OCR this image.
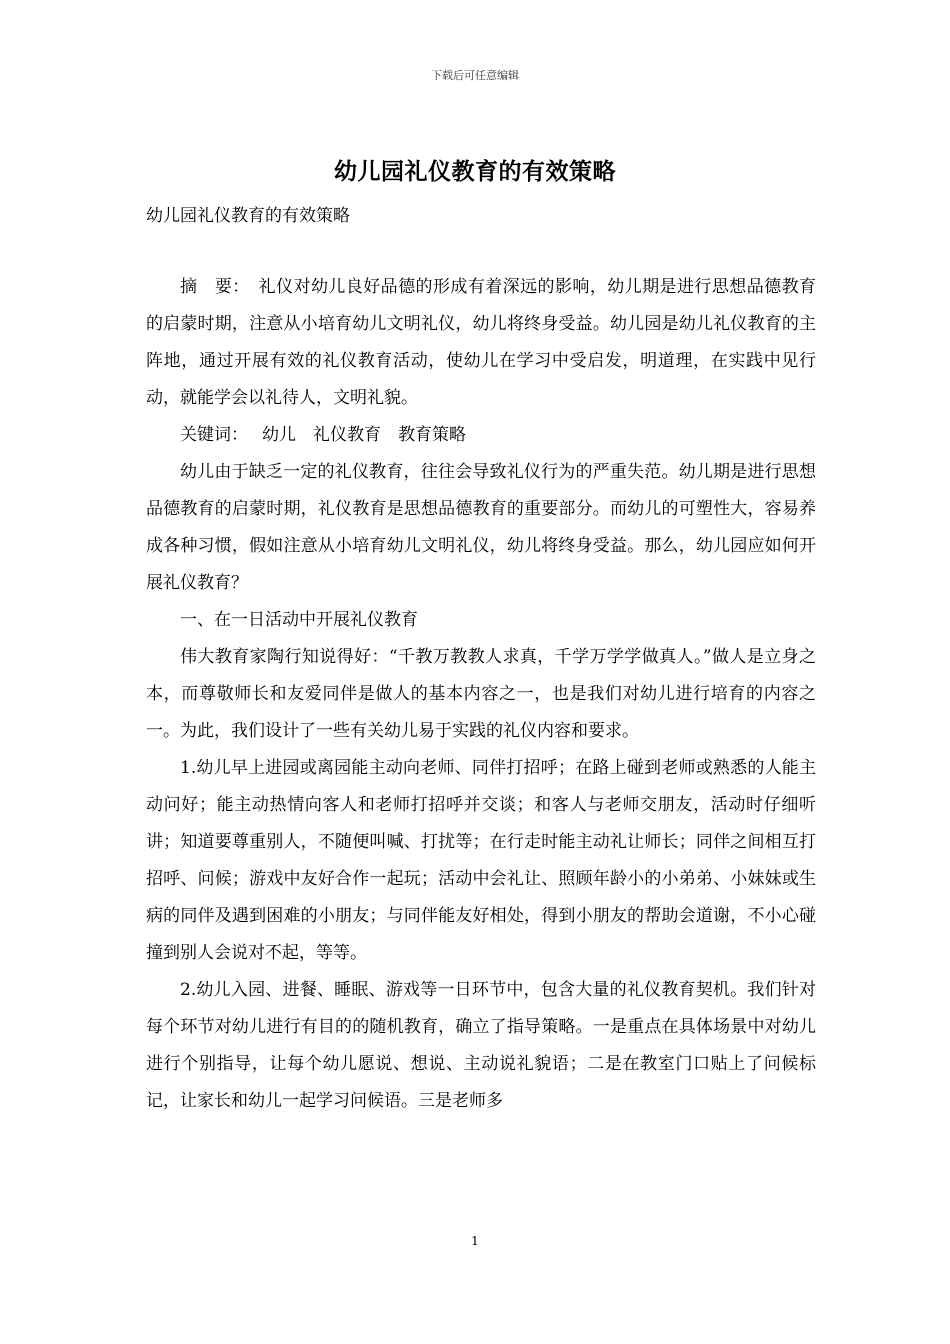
下载后可任意编辑
幼儿园礼仪教育的有效策略
幼儿园礼仪教育的有效策略

摘　要：　礼仪对幼儿良好品德的形成有着深远的影响，幼儿期是进行思想品德教育的启蒙时期，注意从小培育幼儿文明礼仪，幼儿将终身受益。幼儿园是幼儿礼仪教育的主阵地，通过开展有效的礼仪教育活动，使幼儿在学习中受启发，明道理，在实践中见行动，就能学会以礼待人，文明礼貌。

关键词： 幼儿　礼仪教育　教育策略

幼儿由于缺乏一定的礼仪教育，往往会导致礼仪行为的严重失范。幼儿期是进行思想品德教育的启蒙时期，礼仪教育是思想品德教育的重要部分。而幼儿的可塑性大，容易养成各种习惯，假如注意从小培育幼儿文明礼仪，幼儿将终身受益。那么，幼儿园应如何开展礼仪教育？

一、在一日活动中开展礼仪教育

伟大教育家陶行知说得好：“千教万教教人求真，千学万学学做真人。”做人是立身之本，而尊敬师长和友爱同伴是做人的基本内容之一，也是我们对幼儿进行培育的内容之一。为此，我们设计了一些有关幼儿易于实践的礼仪内容和要求。

1.幼儿早上进园或离园能主动向老师、同伴打招呼；在路上碰到老师或熟悉的人能主动问好；能主动热情向客人和老师打招呼并交谈；和客人与老师交朋友，活动时仔细听讲；知道要尊重别人，不随便叫喊、打扰等；在行走时能主动礼让师长；同伴之间相互打招呼、问候；游戏中友好合作一起玩；活动中会礼让、照顾年龄小的小弟弟、小妹妹或生病的同伴及遇到困难的小朋友；与同伴能友好相处，得到小朋友的帮助会道谢，不小心碰撞到别人会说对不起，等等。

2.幼儿入园、进餐、睡眠、游戏等一日环节中，包含大量的礼仪教育契机。我们针对每个环节对幼儿进行有目的的随机教育，确立了指导策略。一是重点在具体场景中对幼儿进行个别指导，让每个幼儿愿说、想说、主动说礼貌语；二是在教室门口贴上了问候标记，让家长和幼儿一起学习问候语。三是老师多

1
